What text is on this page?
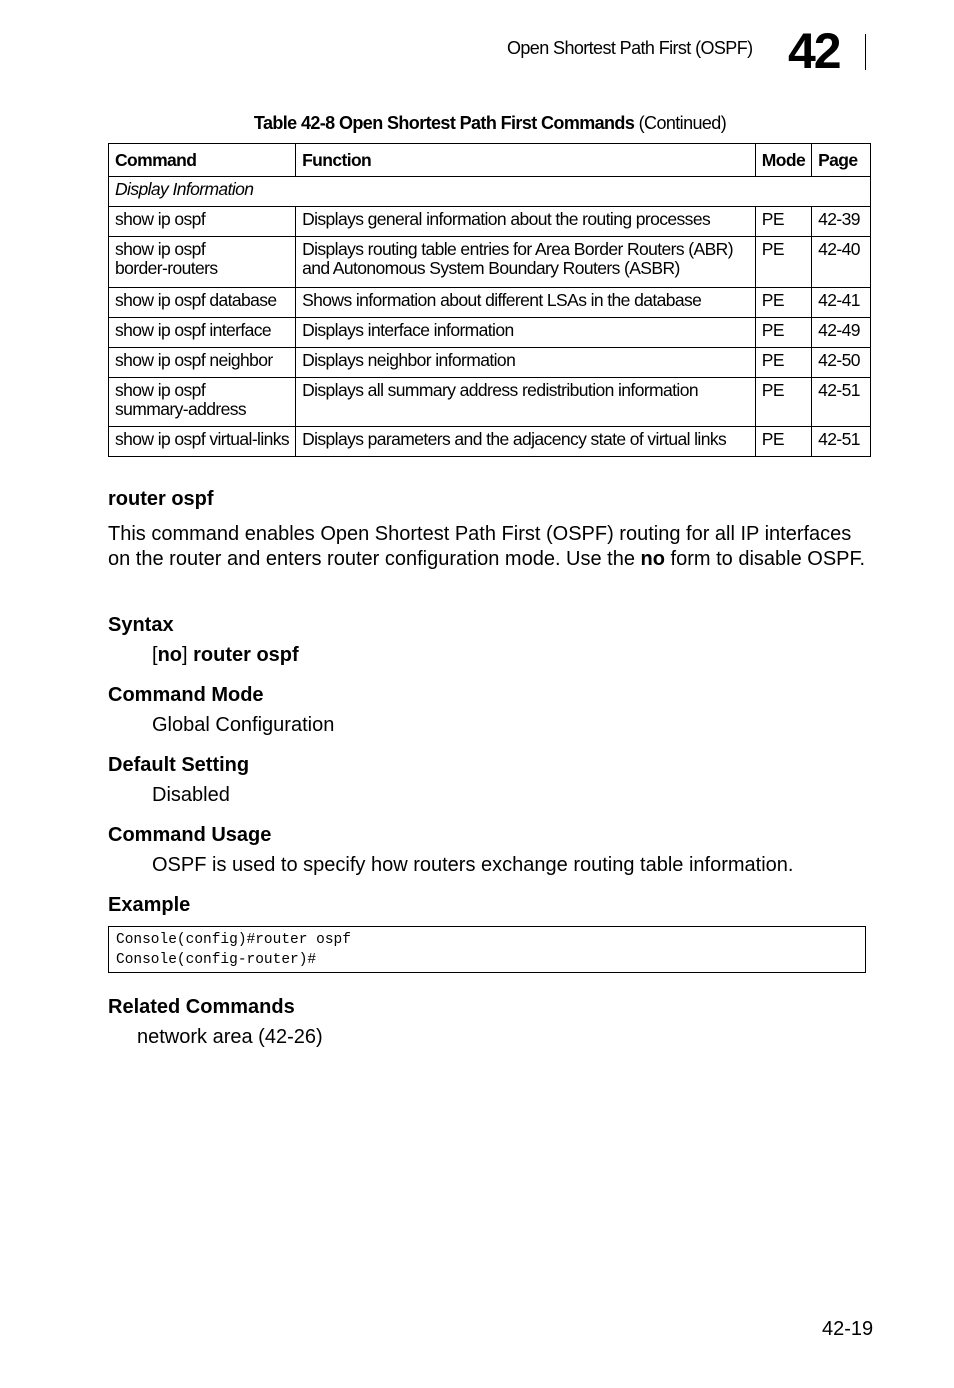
Open Shortest Path First (OSPF) 42
Table 42-8 Open Shortest Path First Commands (Continued)
Command	Function	Mode	Page
Display Information			
show ip ospf	Displays general information about the routing processes	PE	42-39
show ip ospf
border-routers	Displays routing table entries for Area Border Routers (ABR) and Autonomous System Boundary Routers (ASBR)	PE	42-40
show ip ospf database	Shows information about different LSAs in the database	PE	42-41
show ip ospf interface	Displays interface information	PE	42-49
show ip ospf neighbor	Displays neighbor information	PE	42-50
show ip ospf
summary-address	Displays all summary address redistribution information	PE	42-51
show ip ospf virtual-links	Displays parameters and the adjacency state of virtual links	PE	42-51
router ospf
This command enables Open Shortest Path First (OSPF) routing for all IP interfaces on the router and enters router configuration mode. Use the no form to disable OSPF.
Syntax
[no] router ospf
Command Mode
Global Configuration
Default Setting
Disabled
Command Usage
OSPF is used to specify how routers exchange routing table information.
Example
Console(config)#router ospf
Console(config-router)#
Related Commands
network area (42-26)
42-19
